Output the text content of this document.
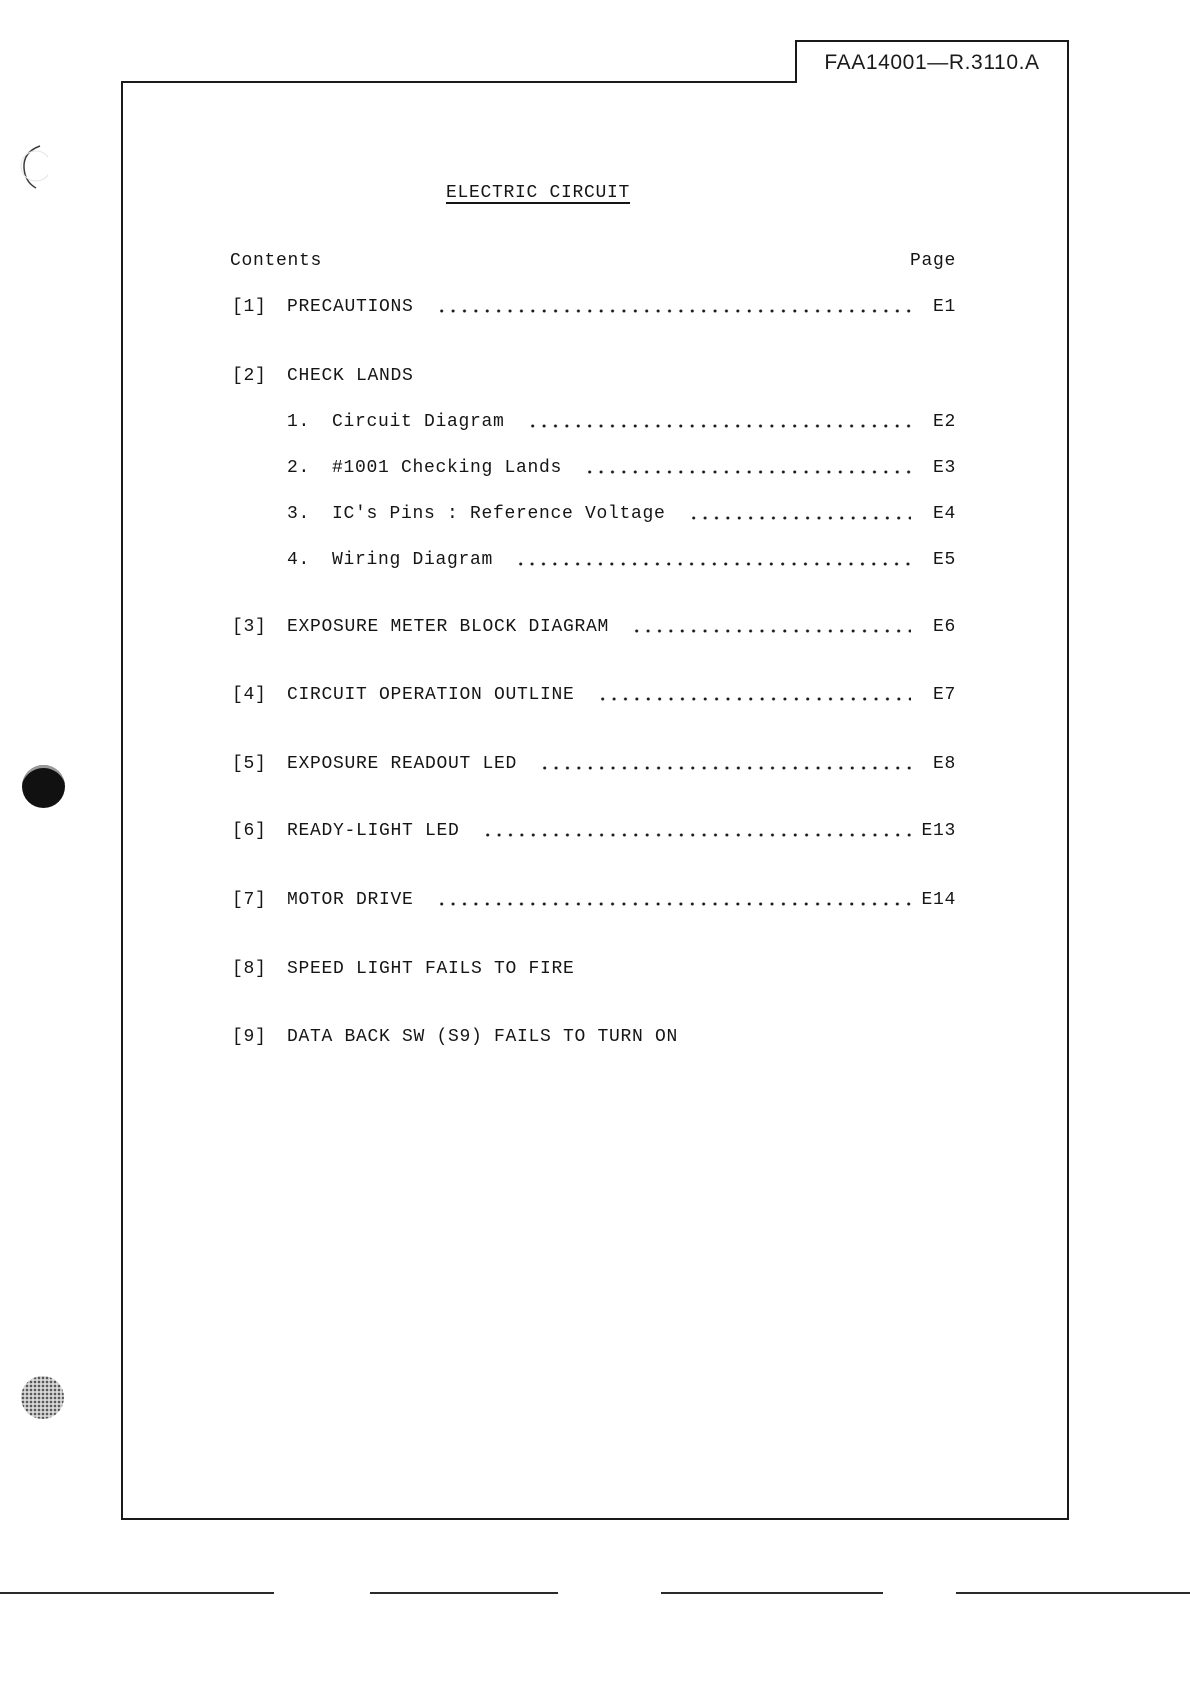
FAA14001—R.3110.A
ELECTRIC CIRCUIT
Contents	Page
[1]	PRECAUTIONS	E1
[2]	CHECK LANDS
1.	Circuit Diagram	E2
2.	#1001 Checking Lands	E3
3.	IC's Pins : Reference Voltage	E4
4.	Wiring Diagram	E5
[3]	EXPOSURE METER BLOCK DIAGRAM	E6
[4]	CIRCUIT OPERATION OUTLINE	E7
[5]	EXPOSURE READOUT LED	E8
[6]	READY-LIGHT LED	E13
[7]	MOTOR DRIVE	E14
[8]	SPEED LIGHT FAILS TO FIRE
[9]	DATA BACK SW (S9) FAILS TO TURN ON
